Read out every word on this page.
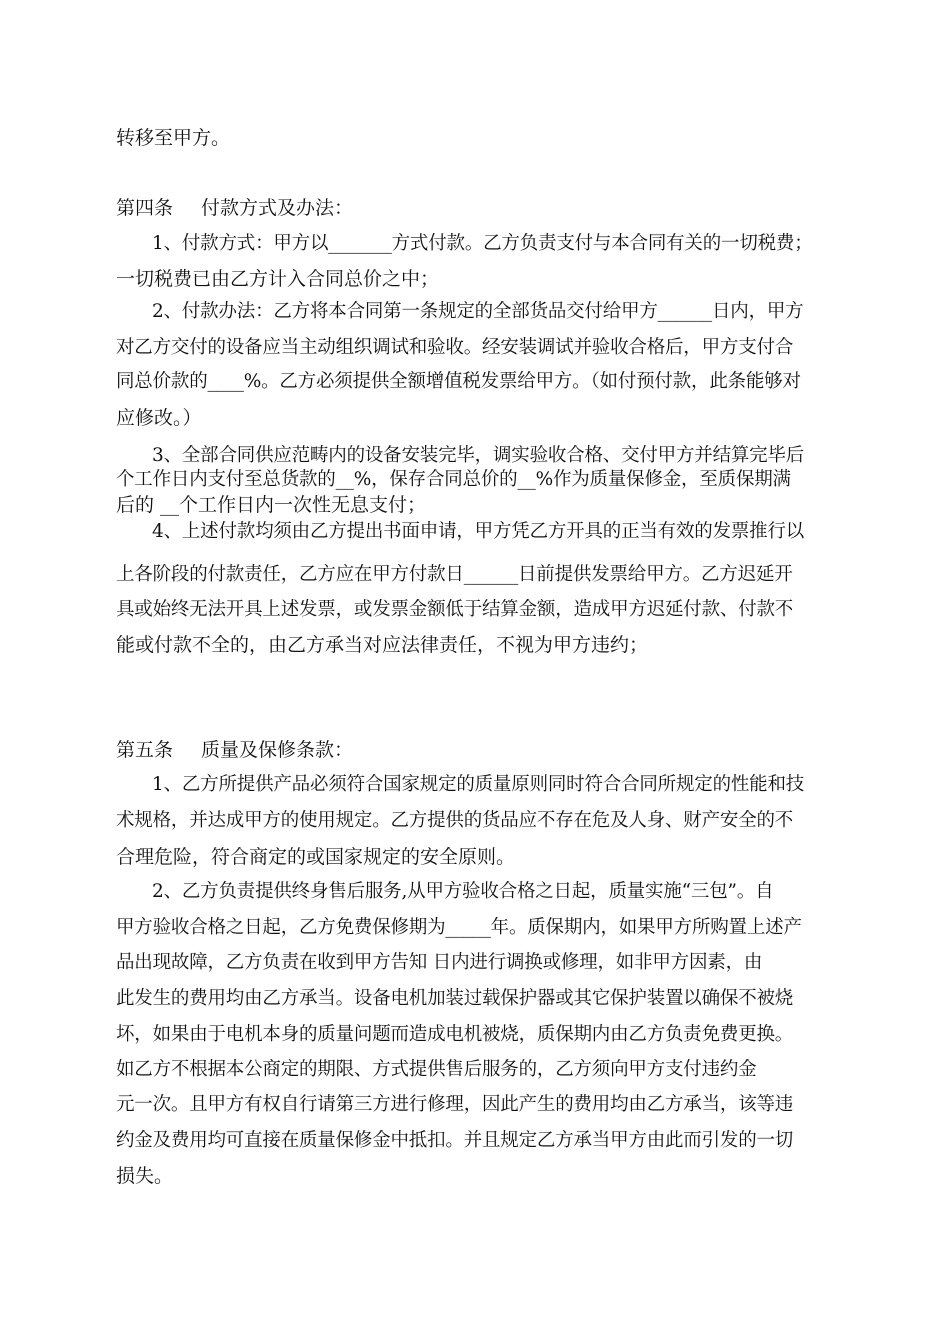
转移至甲方。
第四条 付款方式及办法：
1、付款方式：甲方以_______方式付款。乙方负责支付与本合同有关的一切税费；
一切税费已由乙方计入合同总价之中；
2、付款办法：乙方将本合同第一条规定的全部货品交付给甲方______日内，甲方
对乙方交付的设备应当主动组织调试和验收。经安装调试并验收合格后，甲方支付合
同总价款的____%。乙方必须提供全额增值税发票给甲方。（如付预付款，此条能够对
应修改。）
3、全部合同供应范畴内的设备安装完毕，调实验收合格、交付甲方并结算完毕后
个工作日内支付至总货款的__%，保存合同总价的__%作为质量保修金，至质保期满
后的 __个工作日内一次性无息支付；
4、上述付款均须由乙方提出书面申请，甲方凭乙方开具的正当有效的发票推行以
上各阶段的付款责任，乙方应在甲方付款日______日前提供发票给甲方。乙方迟延开
具或始终无法开具上述发票，或发票金额低于结算金额，造成甲方迟延付款、付款不
能或付款不全的，由乙方承当对应法律责任，不视为甲方违约；
第五条 质量及保修条款：
1、乙方所提供产品必须符合国家规定的质量原则同时符合合同所规定的性能和技
术规格，并达成甲方的使用规定。乙方提供的货品应不存在危及人身、财产安全的不
合理危险，符合商定的或国家规定的安全原则。
2、乙方负责提供终身售后服务,从甲方验收合格之日起，质量实施“三包”。自
甲方验收合格之日起，乙方免费保修期为_____年。质保期内，如果甲方所购置上述产
品出现故障，乙方负责在收到甲方告知 日内进行调换或修理，如非甲方因素，由
此发生的费用均由乙方承当。设备电机加装过载保护器或其它保护装置以确保不被烧
坏，如果由于电机本身的质量问题而造成电机被烧，质保期内由乙方负责免费更换。
如乙方不根据本公商定的期限、方式提供售后服务的，乙方须向甲方支付违约金
元一次。且甲方有权自行请第三方进行修理，因此产生的费用均由乙方承当，该等违
约金及费用均可直接在质量保修金中抵扣。并且规定乙方承当甲方由此而引发的一切
损失。
